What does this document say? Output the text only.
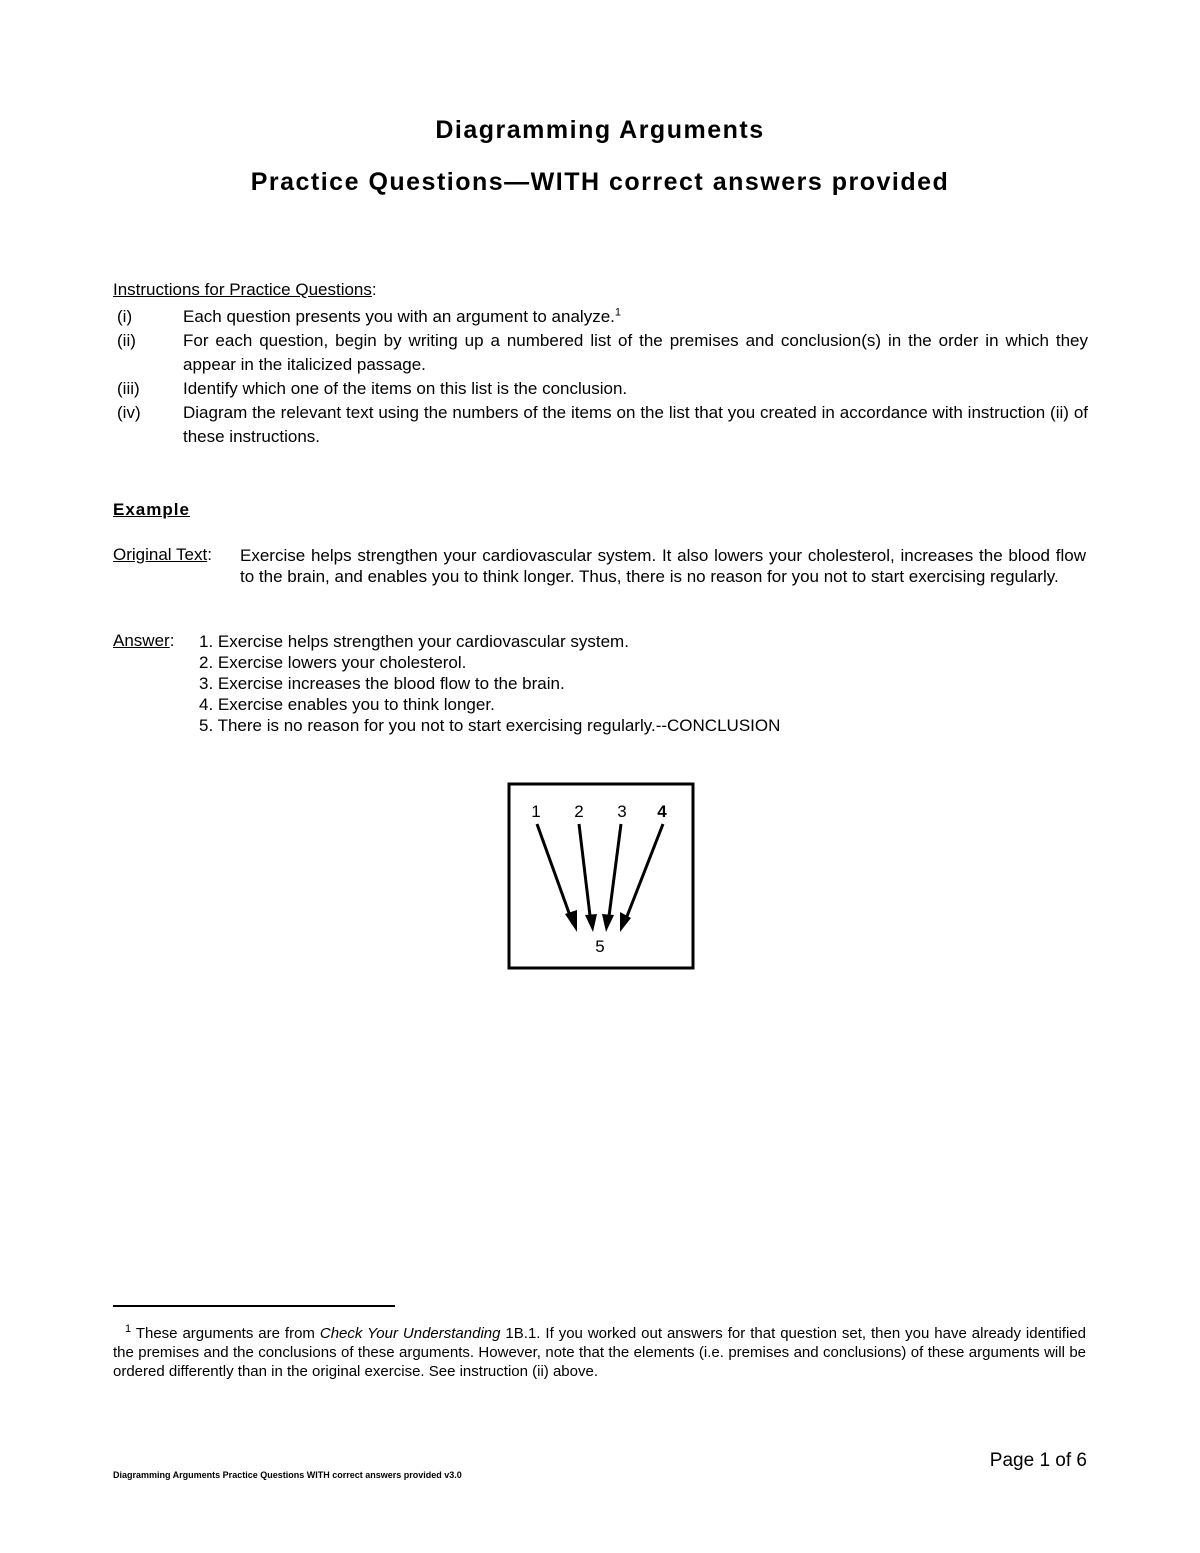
Diagramming Arguments
Practice Questions—WITH correct answers provided
Instructions for Practice Questions:
(i)	Each question presents you with an argument to analyze.$^1$
(ii)	For each question, begin by writing up a numbered list of the premises and conclusion(s) in the order in which they appear in the italicized passage.
(iii)	Identify which one of the items on this list is the conclusion.
(iv)	Diagram the relevant text using the numbers of the items on the list that you created in accordance with instruction (ii) of these instructions.
Example
Original Text: Exercise helps strengthen your cardiovascular system. It also lowers your cholesterol, increases the blood flow to the brain, and enables you to think longer. Thus, there is no reason for you not to start exercising regularly.
Answer: 1. Exercise helps strengthen your cardiovascular system.
2. Exercise lowers your cholesterol.
3. Exercise increases the blood flow to the brain.
4. Exercise enables you to think longer.
5. There is no reason for you not to start exercising regularly.--CONCLUSION
1 2 3 4
5
$^1$ These arguments are from Check Your Understanding 1B.1. If you worked out answers for that question set, then you have already identified the premises and the conclusions of these arguments. However, note that the elements (i.e. premises and conclusions) of these arguments will be ordered differently than in the original exercise. See instruction (ii) above.
Page 1 of 6
Diagramming Arguments Practice Questions WITH correct answers provided v3.0
